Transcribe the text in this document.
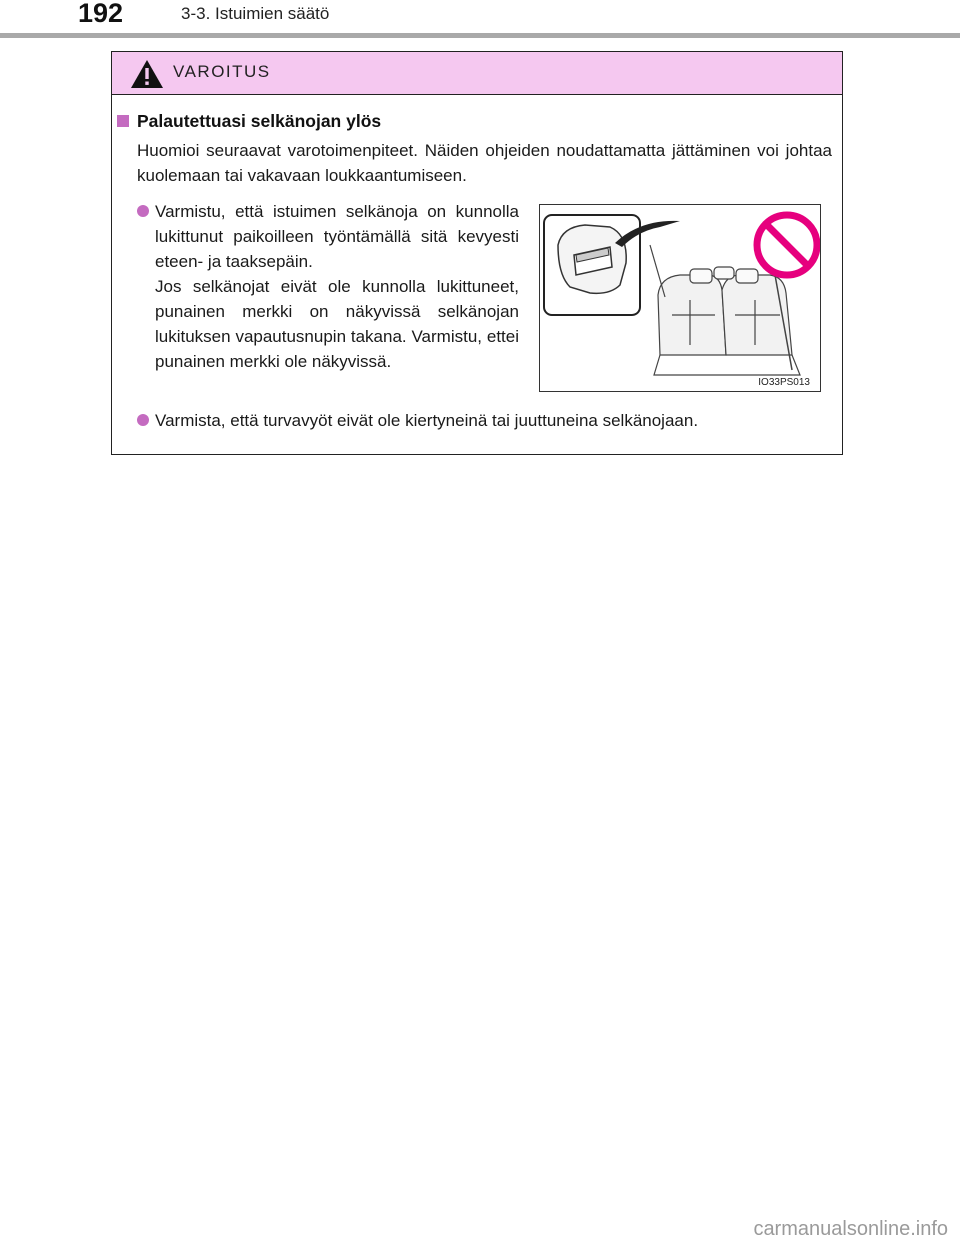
192	3-3. Istuimien säätö
VAROITUS
Palautettuasi selkänojan ylös
Huomioi seuraavat varotoimenpiteet. Näiden ohjeiden noudattamatta jättäminen voi johtaa kuolemaan tai vakavaan loukkaantumiseen.
Varmistu, että istuimen selkänoja on kunnolla lukittunut paikoilleen työntämällä sitä kevyesti eteen- ja taaksepäin.
Jos selkänojat eivät ole kunnolla lukittuneet, punainen merkki on näkyvissä selkänojan lukituksen vapautusnupin takana. Varmistu, ettei punainen merkki ole näkyvissä.
IO33PS013
Varmista, että turvavyöt eivät ole kiertyneinä tai juuttuneina selkänojaan.
carmanualsonline.info
